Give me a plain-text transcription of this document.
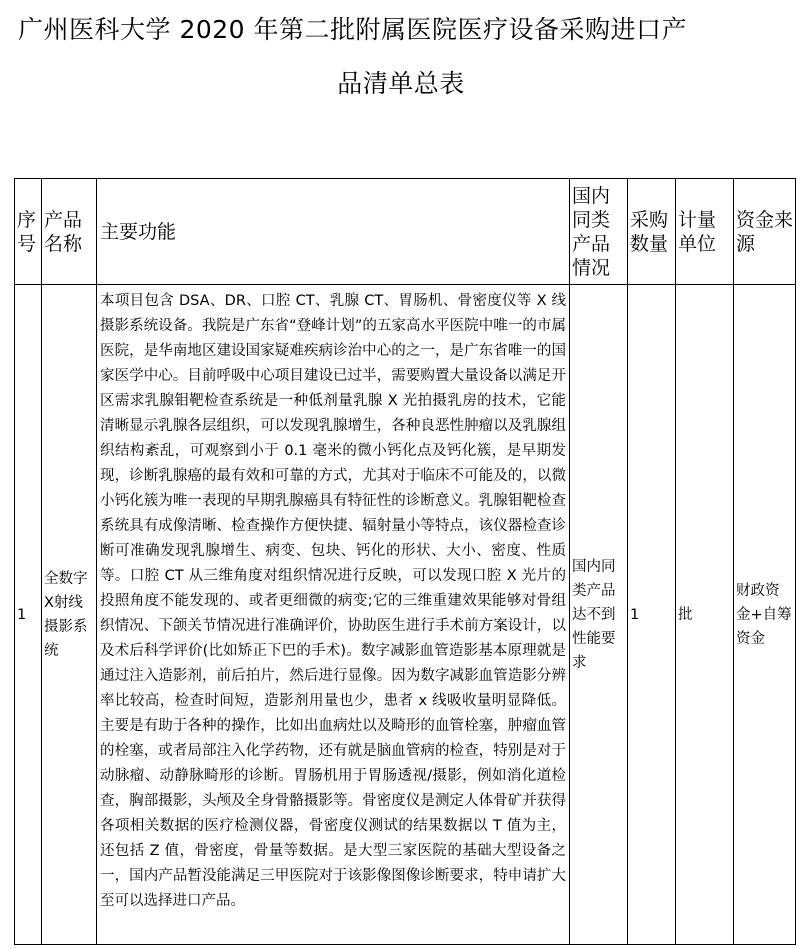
广州医科大学 2020 年第二批附属医院医疗设备采购进口产
品清单总表
序号	产品名称	主要功能	国内同类产品情况	采购数量	计量单位	资金来源
1	全数字X射线摄影系统	本项目包含 DSA、DR、口腔 CT、乳腺 CT、胃肠机、骨密度仪等 X 线摄影系统设备。我院是广东省“登峰计划”的五家高水平医院中唯一的市属医院，是华南地区建设国家疑难疾病诊治中心的之一，是广东省唯一的国家医学中心。目前呼吸中心项目建设已过半，需要购置大量设备以满足开区需求乳腺钼靶检查系统是一种低剂量乳腺 X 光拍摄乳房的技术，它能清晰显示乳腺各层组织，可以发现乳腺增生，各种良恶性肿瘤以及乳腺组织结构紊乱，可观察到小于 0.1 毫米的微小钙化点及钙化簇，是早期发现，诊断乳腺癌的最有效和可靠的方式，尤其对于临床不可能及的，以微小钙化簇为唯一表现的早期乳腺癌具有特征性的诊断意义。乳腺钼靶检查系统具有成像清晰、检查操作方便快捷、辐射量小等特点，该仪器检查诊断可准确发现乳腺增生、病变、包块、钙化的形状、大小、密度、性质等。口腔 CT 从三维角度对组织情况进行反映，可以发现口腔 X 光片的投照角度不能发现的、或者更细微的病变;它的三维重建效果能够对骨组织情况、下颌关节情况进行准确评价，协助医生进行手术前方案设计，以及术后科学评价(比如矫正下巴的手术)。数字减影血管造影基本原理就是通过注入造影剂，前后拍片，然后进行显像。因为数字减影血管造影分辨率比较高，检查时间短，造影剂用量也少，患者 x 线吸收量明显降低。主要是有助于各种的操作，比如出血病灶以及畸形的血管栓塞，肿瘤血管的栓塞，或者局部注入化学药物，还有就是脑血管病的检查，特别是对于动脉瘤、动静脉畸形的诊断。胃肠机用于胃肠透视/摄影，例如消化道检查，胸部摄影，头颅及全身骨骼摄影等。骨密度仪是测定人体骨矿并获得各项相关数据的医疗检测仪器，骨密度仪测试的结果数据以 T 值为主，还包括 Z 值，骨密度，骨量等数据。是大型三家医院的基础大型设备之一，国内产品暂没能满足三甲医院对于该影像图像诊断要求，特申请扩大至可以选择进口产品。	国内同类产品达不到性能要求	1	批	财政资金+自筹资金
